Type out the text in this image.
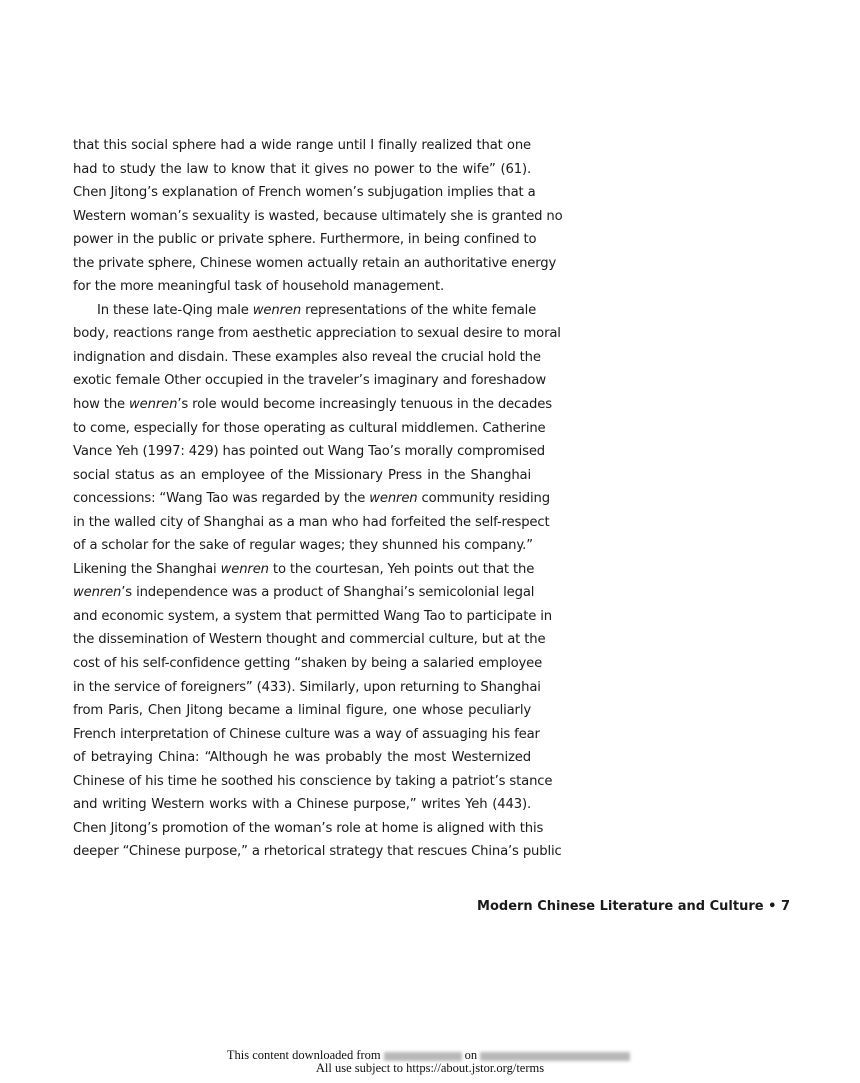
that this social sphere had a wide range until I finally realized that one
had to study the law to know that it gives no power to the wife” (61).
Chen Jitong’s explanation of French women’s subjugation implies that a
Western woman’s sexuality is wasted, because ultimately she is granted no
power in the public or private sphere. Furthermore, in being confined to
the private sphere, Chinese women actually retain an authoritative energy
for the more meaningful task of household management.
In these late-Qing male wenren representations of the white female
body, reactions range from aesthetic appreciation to sexual desire to moral
indignation and disdain. These examples also reveal the crucial hold the
exotic female Other occupied in the traveler’s imaginary and foreshadow
how the wenren’s role would become increasingly tenuous in the decades
to come, especially for those operating as cultural middlemen. Catherine
Vance Yeh (1997: 429) has pointed out Wang Tao’s morally compromised
social status as an employee of the Missionary Press in the Shanghai
concessions: “Wang Tao was regarded by the wenren community residing
in the walled city of Shanghai as a man who had forfeited the self-respect
of a scholar for the sake of regular wages; they shunned his company.”
Likening the Shanghai wenren to the courtesan, Yeh points out that the
wenren’s independence was a product of Shanghai’s semicolonial legal
and economic system, a system that permitted Wang Tao to participate in
the dissemination of Western thought and commercial culture, but at the
cost of his self-confidence getting “shaken by being a salaried employee
in the service of foreigners” (433). Similarly, upon returning to Shanghai
from Paris, Chen Jitong became a liminal figure, one whose peculiarly
French interpretation of Chinese culture was a way of assuaging his fear
of betraying China: “Although he was probably the most Westernized
Chinese of his time he soothed his conscience by taking a patriot’s stance
and writing Western works with a Chinese purpose,” writes Yeh (443).
Chen Jitong’s promotion of the woman’s role at home is aligned with this
deeper “Chinese purpose,” a rhetorical strategy that rescues China’s public
Modern Chinese Literature and Culture • 7
This content downloaded from	on
All use subject to https://about.jstor.org/terms
